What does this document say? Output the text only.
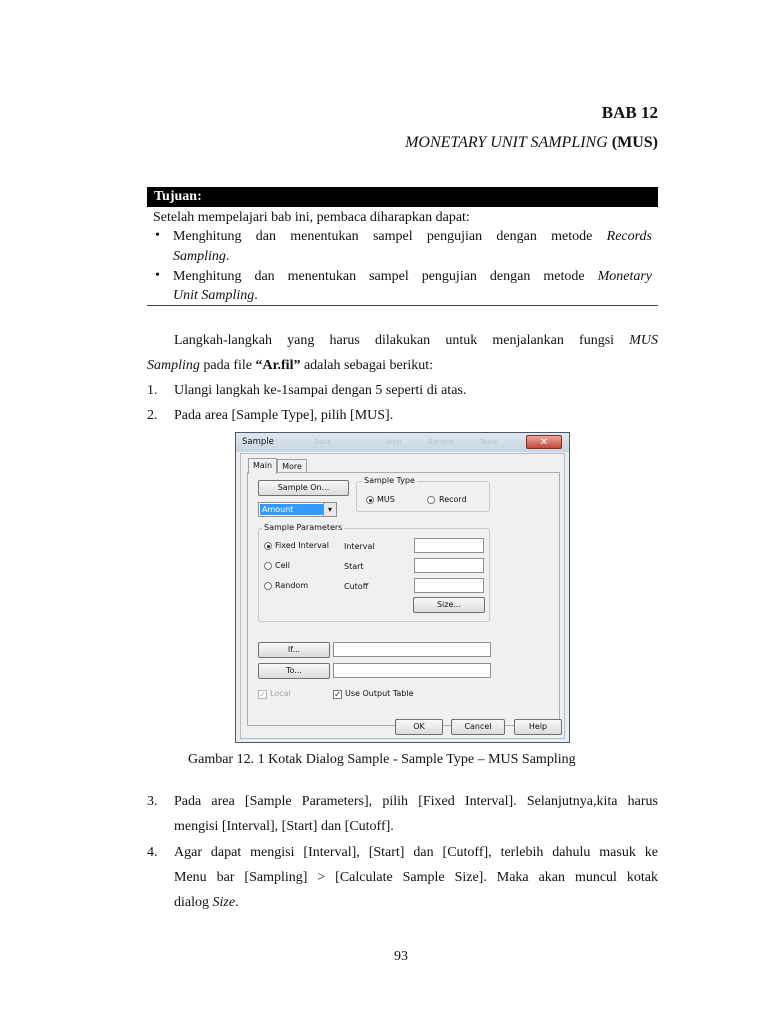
BAB 12
MONETARY UNIT SAMPLING (MUS)
Tujuan:
Setelah mempelajari bab ini, pembaca diharapkan dapat:
• Menghitung dan menentukan sampel pengujian dengan metode Records
Sampling.
• Menghitung dan menentukan sampel pengujian dengan metode Monetary
Unit Sampling.
Langkah-langkah yang harus dilakukan untuk menjalankan fungsi MUS
Sampling pada file “Ar.fil” adalah sebagai berikut:
1. Ulangi langkah ke-1sampai dengan 5 seperti di atas.
2. Pada area [Sample Type], pilih [MUS].
Sample	Data	Anal	Sample	Tools	✕
Main	More
Sample On...
Amount	▾
Sample Type
MUS	Record
Sample Parameters
Fixed Interval
Cell
Random
Interval
Start
Cutoff
Size...
If...
To...
✓ Local	✓ Use Output Table
OK	Cancel	Help
Gambar 12. 1 Kotak Dialog Sample - Sample Type – MUS Sampling
3. Pada area [Sample Parameters], pilih [Fixed Interval]. Selanjutnya,kita harus
mengisi [Interval], [Start] dan [Cutoff].
4. Agar dapat mengisi [Interval], [Start] dan [Cutoff], terlebih dahulu masuk ke
Menu bar [Sampling] > [Calculate Sample Size]. Maka akan muncul kotak
dialog Size.
93
